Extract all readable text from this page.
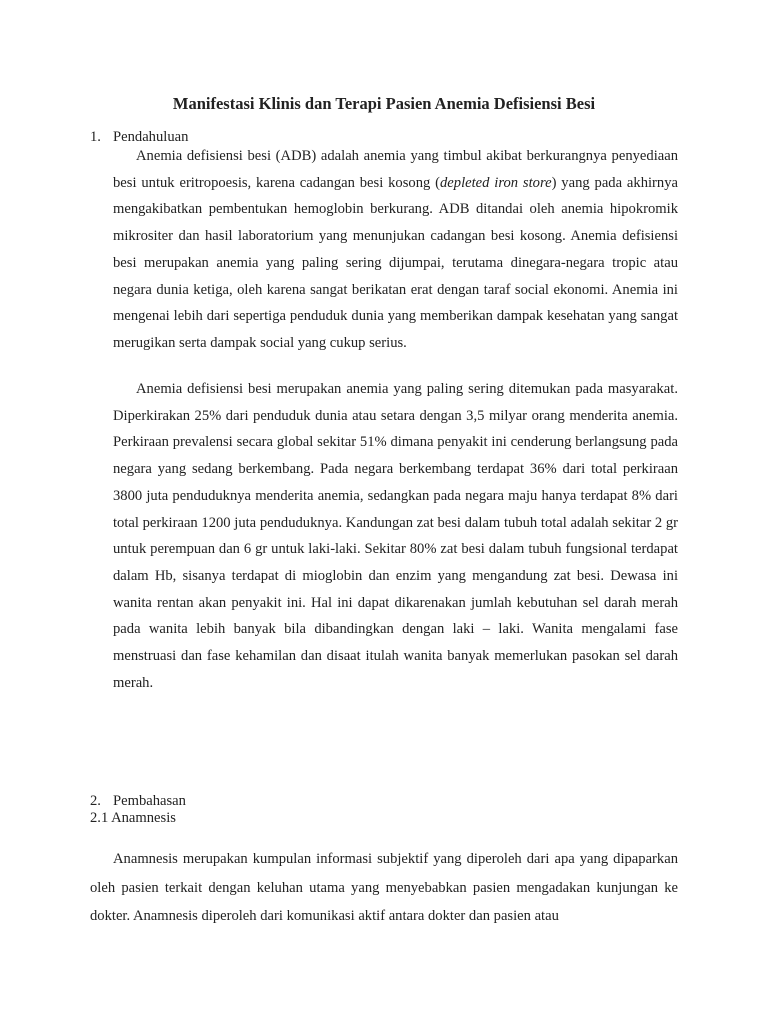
Manifestasi Klinis dan Terapi Pasien Anemia Defisiensi Besi
1. Pendahuluan

Anemia defisiensi besi (ADB) adalah anemia yang timbul akibat berkurangnya penyediaan besi untuk eritropoesis, karena cadangan besi kosong (depleted iron store) yang pada akhirnya mengakibatkan pembentukan hemoglobin berkurang. ADB ditandai oleh anemia hipokromik mikrositer dan hasil laboratorium yang menunjukan cadangan besi kosong. Anemia defisiensi besi merupakan anemia yang paling sering dijumpai, terutama dinegara-negara tropic atau negara dunia ketiga, oleh karena sangat berikatan erat dengan taraf social ekonomi. Anemia ini mengenai lebih dari sepertiga penduduk dunia yang memberikan dampak kesehatan yang sangat merugikan serta dampak social yang cukup serius.

Anemia defisiensi besi merupakan anemia yang paling sering ditemukan pada masyarakat. Diperkirakan 25% dari penduduk dunia atau setara dengan 3,5 milyar orang menderita anemia. Perkiraan prevalensi secara global sekitar 51% dimana penyakit ini cenderung berlangsung pada negara yang sedang berkembang. Pada negara berkembang terdapat 36% dari total perkiraan 3800 juta penduduknya menderita anemia, sedangkan pada negara maju hanya terdapat 8% dari total perkiraan 1200 juta penduduknya. Kandungan zat besi dalam tubuh total adalah sekitar 2 gr untuk perempuan dan 6 gr untuk laki-laki. Sekitar 80% zat besi dalam tubuh fungsional terdapat dalam Hb, sisanya terdapat di mioglobin dan enzim yang mengandung zat besi. Dewasa ini wanita rentan akan penyakit ini. Hal ini dapat dikarenakan jumlah kebutuhan sel darah merah pada wanita lebih banyak bila dibandingkan dengan laki – laki. Wanita mengalami fase menstruasi dan fase kehamilan dan disaat itulah wanita banyak memerlukan pasokan sel darah merah.

2. Pembahasan
2.1 Anamnesis

Anamnesis merupakan kumpulan informasi subjektif yang diperoleh dari apa yang dipaparkan oleh pasien terkait dengan keluhan utama yang menyebabkan pasien mengadakan kunjungan ke dokter. Anamnesis diperoleh dari komunikasi aktif antara dokter dan pasien atau
